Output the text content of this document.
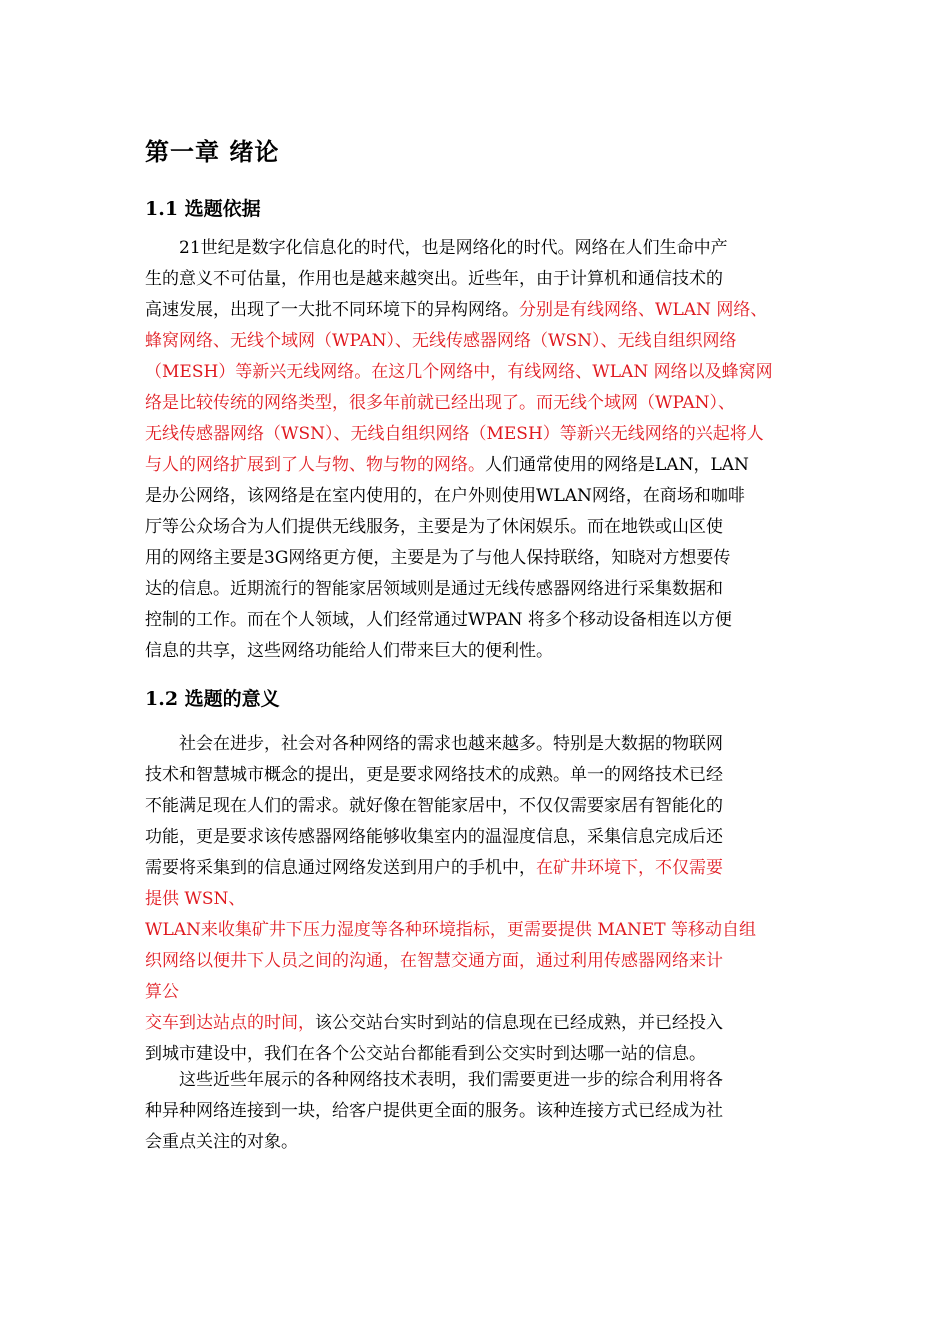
第一章 绪论
1.1 选题依据
　　21世纪是数字化信息化的时代，也是网络化的时代。网络在人们生命中产
生的意义不可估量，作用也是越来越突出。近些年，由于计算机和通信技术的
高速发展，出现了一大批不同环境下的异构网络。分别是有线网络、WLAN 网络、
蜂窝网络、无线个域网（WPAN）、无线传感器网络（WSN）、无线自组织网络
（MESH）等新兴无线网络。在这几个网络中，有线网络、WLAN 网络以及蜂窝网
络是比较传统的网络类型，很多年前就已经出现了。而无线个域网（WPAN）、
无线传感器网络（WSN）、无线自组织网络（MESH）等新兴无线网络的兴起将人
与人的网络扩展到了人与物、物与物的网络。人们通常使用的网络是LAN，LAN
是办公网络，该网络是在室内使用的，在户外则使用WLAN网络，在商场和咖啡
厅等公众场合为人们提供无线服务，主要是为了休闲娱乐。而在地铁或山区使
用的网络主要是3G网络更方便，主要是为了与他人保持联络，知晓对方想要传
达的信息。近期流行的智能家居领域则是通过无线传感器网络进行采集数据和
控制的工作。而在个人领域，人们经常通过WPAN 将多个移动设备相连以方便
信息的共享，这些网络功能给人们带来巨大的便利性。
1.2 选题的意义
　　社会在进步，社会对各种网络的需求也越来越多。特别是大数据的物联网
技术和智慧城市概念的提出，更是要求网络技术的成熟。单一的网络技术已经
不能满足现在人们的需求。就好像在智能家居中，不仅仅需要家居有智能化的
功能，更是要求该传感器网络能够收集室内的温湿度信息，采集信息完成后还
需要将采集到的信息通过网络发送到用户的手机中，在矿井环境下，不仅需要
提供 WSN、
WLAN来收集矿井下压力湿度等各种环境指标，更需要提供 MANET 等移动自组
织网络以便井下人员之间的沟通，在智慧交通方面，通过利用传感器网络来计
算公
交车到达站点的时间，该公交站台实时到站的信息现在已经成熟，并已经投入
到城市建设中，我们在各个公交站台都能看到公交实时到达哪一站的信息。
　　这些近些年展示的各种网络技术表明，我们需要更进一步的综合利用将各
种异种网络连接到一块，给客户提供更全面的服务。该种连接方式已经成为社
会重点关注的对象。
